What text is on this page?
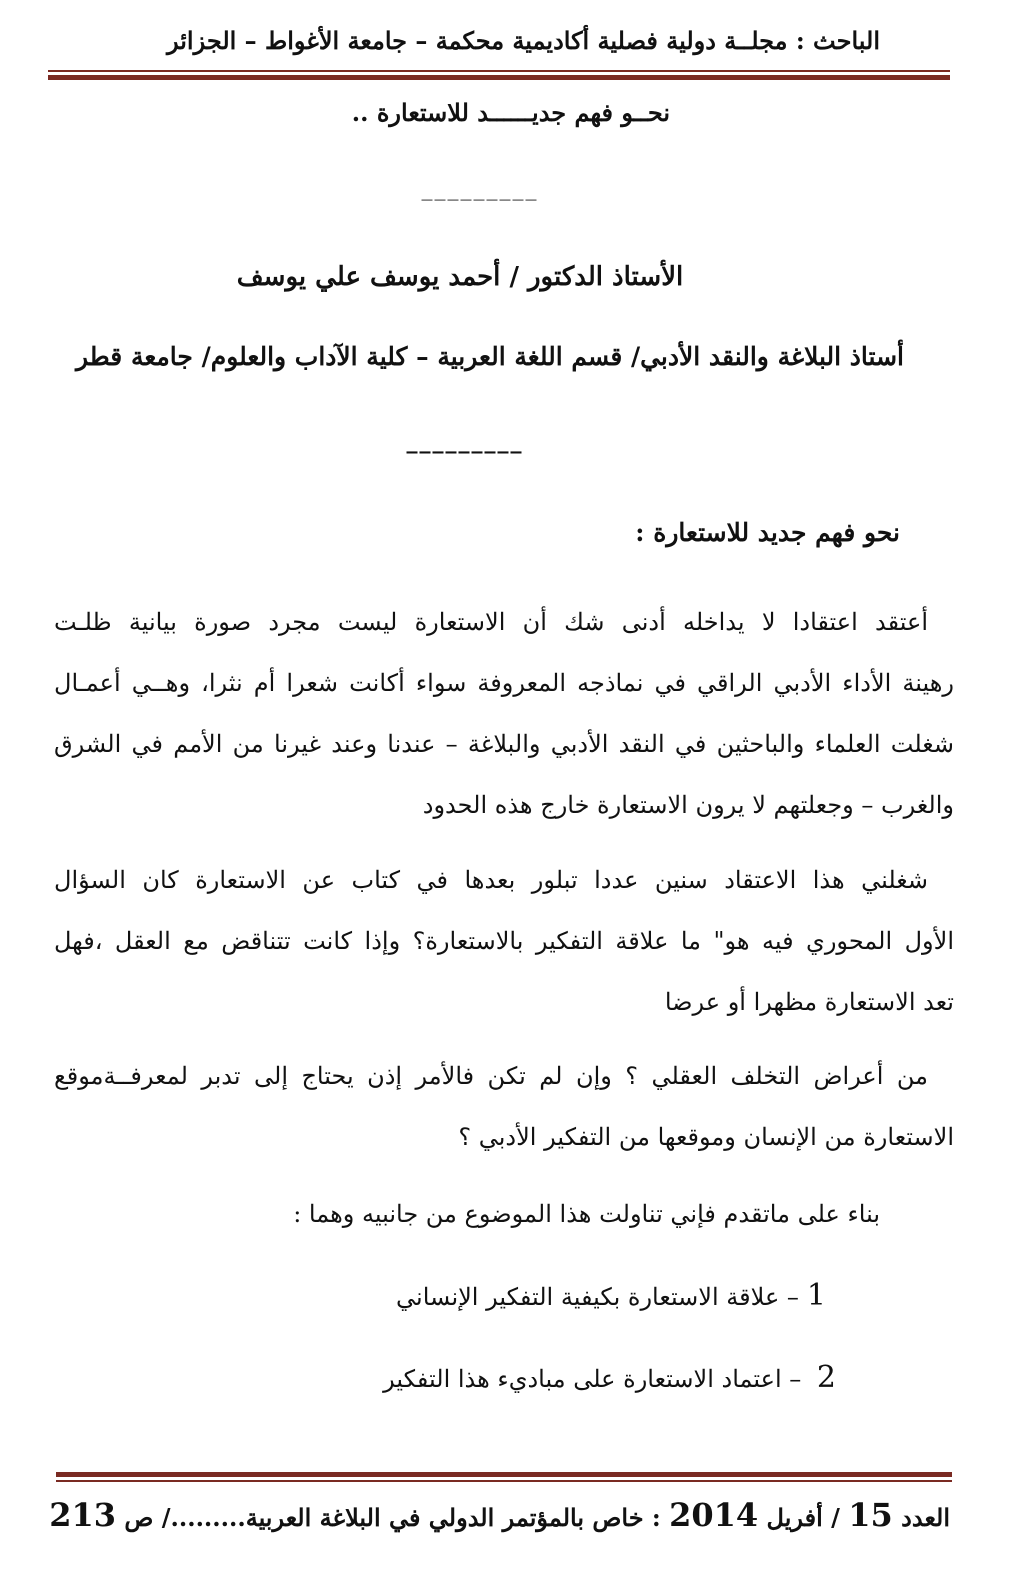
الباحث : مجلــة دولية فصلية أكاديمية محكمة – جامعة الأغواط – الجزائر
نحــو فهم جديــــــد للاستعارة ..
_________
الأستاذ الدكتور / أحمد يوسف علي يوسف
أستاذ البلاغة والنقد الأدبي/ قسم اللغة العربية – كلية الآداب والعلوم/ جامعة قطر
_________
نحو فهم جديد للاستعارة :
أعتقد اعتقادا لا يداخله أدنى شك أن الاستعارة ليست مجرد صورة بيانية ظلـت
رهينة الأداء الأدبي الراقي في نماذجه المعروفة سواء أكانت شعرا أم نثرا، وهــي أعمـال
شغلت العلماء والباحثين في النقد الأدبي والبلاغة – عندنا وعند غيرنا من الأمم في الشرق
والغرب – وجعلتهم لا يرون الاستعارة خارج هذه الحدود
شغلني هذا الاعتقاد سنين عددا تبلور بعدها في كتاب عن الاستعارة كان السؤال
الأول المحوري فيه هو" ما علاقة التفكير بالاستعارة؟ وإذا كانت تتناقض مع العقل ،فهل
تعد الاستعارة مظهرا أو عرضا
من أعراض التخلف العقلي ؟ وإن لم تكن فالأمر إذن يحتاج إلى تدبر لمعرفــةموقع
الاستعارة من الإنسان وموقعها من التفكير الأدبي ؟
بناء على ماتقدم فإني تناولت هذا الموضوع من جانبيه وهما :
1– علاقة الاستعارة بكيفية التفكير الإنساني
2 – اعتماد الاستعارة على مباديء هذا التفكير
العدد 15 / أفريل 2014 : خاص بالمؤتمر الدولي في البلاغة العربية........./ ص 213
